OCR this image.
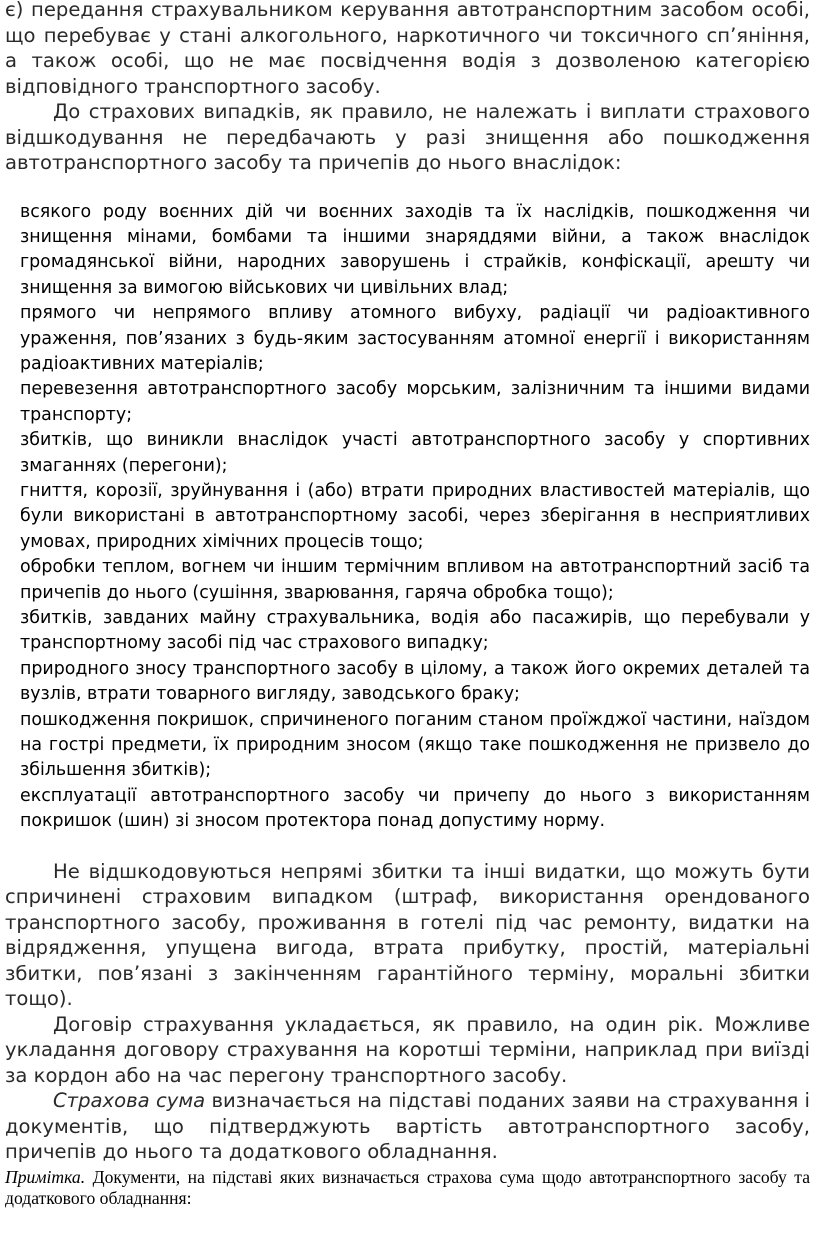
є) передання страхувальником керування автотранспортним засобом особі, що перебуває у стані алкогольного, наркотичного чи токсичного сп’яніння, а також особі, що не має посвідчення водія з дозволеною категорією відповідного транспортного засобу.

До страхових випадків, як правило, не належать і виплати страхового відшкодування не передбачають у разі знищення або пошкодження автотранспортного засобу та причепів до нього внаслідок:

всякого роду воєнних дій чи воєнних заходів та їх наслідків, пошкодження чи знищення мінами, бомбами та іншими знаряддями війни, а також внаслідок громадянської війни, народних заворушень і страйків, конфіскації, арешту чи знищення за вимогою військових чи цивільних влад;
прямого чи непрямого впливу атомного вибуху, радіації чи радіоактивного ураження, пов’язаних з будь-яким застосуванням атомної енергії і використанням радіоактивних матеріалів;
перевезення автотранспортного засобу морським, залізничним та іншими видами транспорту;
збитків, що виникли внаслідок участі автотранспортного засобу у спортивних змаганнях (перегони);
гниття, корозії, зруйнування і (або) втрати природних властивостей матеріалів, що були використані в автотранспортному засобі, через зберігання в несприятливих умовах, природних хімічних процесів тощо;
обробки теплом, вогнем чи іншим термічним впливом на автотранспортний засіб та причепів до нього (сушіння, зварювання, гаряча обробка тощо);
збитків, завданих майну страхувальника, водія або пасажирів, що перебували у транспортному засобі під час страхового випадку;
природного зносу транспортного засобу в цілому, а також його окремих деталей та вузлів, втрати товарного вигляду, заводського браку;
пошкодження покришок, спричиненого поганим станом проїжджої частини, наїздом на гострі предмети, їх природним зносом (якщо таке пошкодження не призвело до збільшення збитків);
експлуатації автотранспортного засобу чи причепу до нього з використанням покришок (шин) зі зносом протектора понад допустиму норму.

Не відшкодовуються непрямі збитки та інші видатки, що можуть бути спричинені страховим випадком (штраф, використання орендованого транспортного засобу, проживання в готелі під час ремонту, видатки на відрядження, упущена вигода, втрата прибутку, простій, матеріальні збитки, пов’язані з закінченням гарантійного терміну, моральні збитки тощо).

Договір страхування укладається, як правило, на один рік. Можливе укладання договору страхування на коротші терміни, наприклад при виїзді за кордон або на час перегону транспортного засобу.

Страхова сума визначається на підставі поданих заяви на страхування і документів, що підтверджують вартість автотранспортного засобу, причепів до нього та додаткового обладнання.

Примітка. Документи, на підставі яких визначається страхова сума щодо автотранспортного засобу та додаткового обладнання:
